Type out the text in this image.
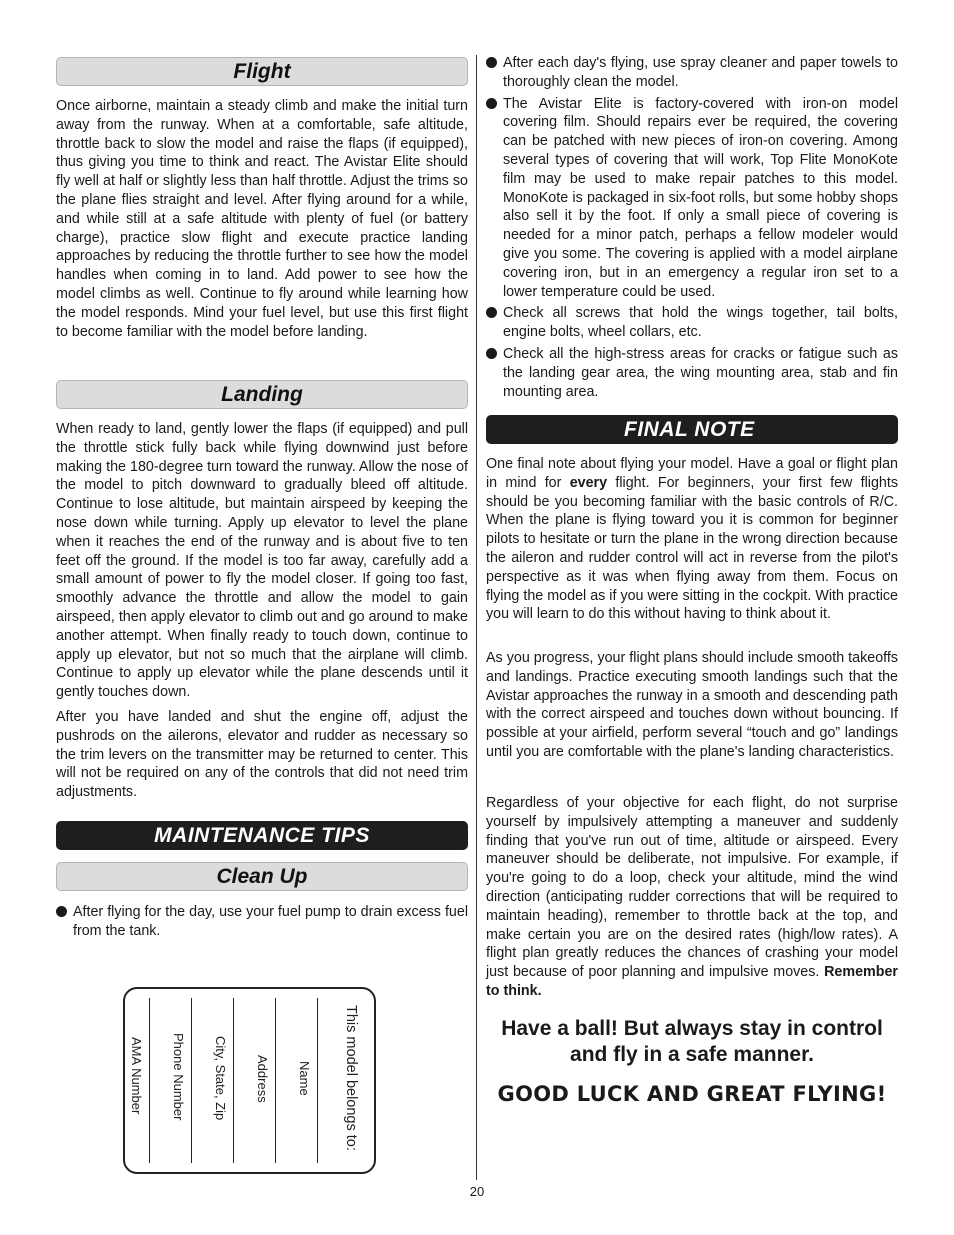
Flight

Once airborne, maintain a steady climb and make the initial turn away from the runway. When at a comfortable, safe altitude, throttle back to slow the model and raise the flaps (if equipped), thus giving you time to think and react. The Avistar Elite should fly well at half or slightly less than half throttle. Adjust the trims so the plane flies straight and level. After flying around for a while, and while still at a safe altitude with plenty of fuel (or battery charge), practice slow flight and execute practice landing approaches by reducing the throttle further to see how the model handles when coming in to land. Add power to see how the model climbs as well. Continue to fly around while learning how the model responds. Mind your fuel level, but use this first flight to become familiar with the model before landing.

Landing

When ready to land, gently lower the flaps (if equipped) and pull the throttle stick fully back while flying downwind just before making the 180-degree turn toward the runway. Allow the nose of the model to pitch downward to gradually bleed off altitude. Continue to lose altitude, but maintain airspeed by keeping the nose down while turning. Apply up elevator to level the plane when it reaches the end of the runway and is about five to ten feet off the ground. If the model is too far away, carefully add a small amount of power to fly the model closer. If going too fast, smoothly advance the throttle and allow the model to gain airspeed, then apply elevator to climb out and go around to make another attempt. When finally ready to touch down, continue to apply up elevator, but not so much that the airplane will climb. Continue to apply up elevator while the plane descends until it gently touches down.

After you have landed and shut the engine off, adjust the pushrods on the ailerons, elevator and rudder as necessary so the trim levers on the transmitter may be returned to center. This will not be required on any of the controls that did not need trim adjustments.

MAINTENANCE TIPS
Clean Up
After flying for the day, use your fuel pump to drain excess fuel from the tank.
This model belongs to:
Name
Address
City, State, Zip
Phone Number
AMA Number
After each day's flying, use spray cleaner and paper towels to thoroughly clean the model.
The Avistar Elite is factory-covered with iron-on model covering film. Should repairs ever be required, the covering can be patched with new pieces of iron-on covering. Among several types of covering that will work, Top Flite MonoKote film may be used to make repair patches to this model. MonoKote is packaged in six-foot rolls, but some hobby shops also sell it by the foot. If only a small piece of covering is needed for a minor patch, perhaps a fellow modeler would give you some. The covering is applied with a model airplane covering iron, but in an emergency a regular iron set to a lower temperature could be used.
Check all screws that hold the wings together, tail bolts, engine bolts, wheel collars, etc.
Check all the high-stress areas for cracks or fatigue such as the landing gear area, the wing mounting area, stab and fin mounting area.
FINAL NOTE

One final note about flying your model. Have a goal or flight plan in mind for every flight. For beginners, your first few flights should be you becoming familiar with the basic controls of R/C. When the plane is flying toward you it is common for beginner pilots to hesitate or turn the plane in the wrong direction because the aileron and rudder control will act in reverse from the pilot's perspective as it was when flying away from them. Focus on flying the model as if you were sitting in the cockpit. With practice you will learn to do this without having to think about it.

As you progress, your flight plans should include smooth takeoffs and landings. Practice executing smooth landings such that the Avistar approaches the runway in a smooth and descending path with the correct airspeed and touches down without bouncing. If possible at your airfield, perform several “touch and go” landings until you are comfortable with the plane's landing characteristics.

Regardless of your objective for each flight, do not surprise yourself by impulsively attempting a maneuver and suddenly finding that you've run out of time, altitude or airspeed. Every maneuver should be deliberate, not impulsive. For example, if you're going to do a loop, check your altitude, mind the wind direction (anticipating rudder corrections that will be required to maintain heading), remember to throttle back at the top, and make certain you are on the desired rates (high/low rates). A flight plan greatly reduces the chances of crashing your model just because of poor planning and impulsive moves. Remember to think.

Have a ball! But always stay in control
and fly in a safe manner.
GOOD LUCK AND GREAT FLYING!
20
